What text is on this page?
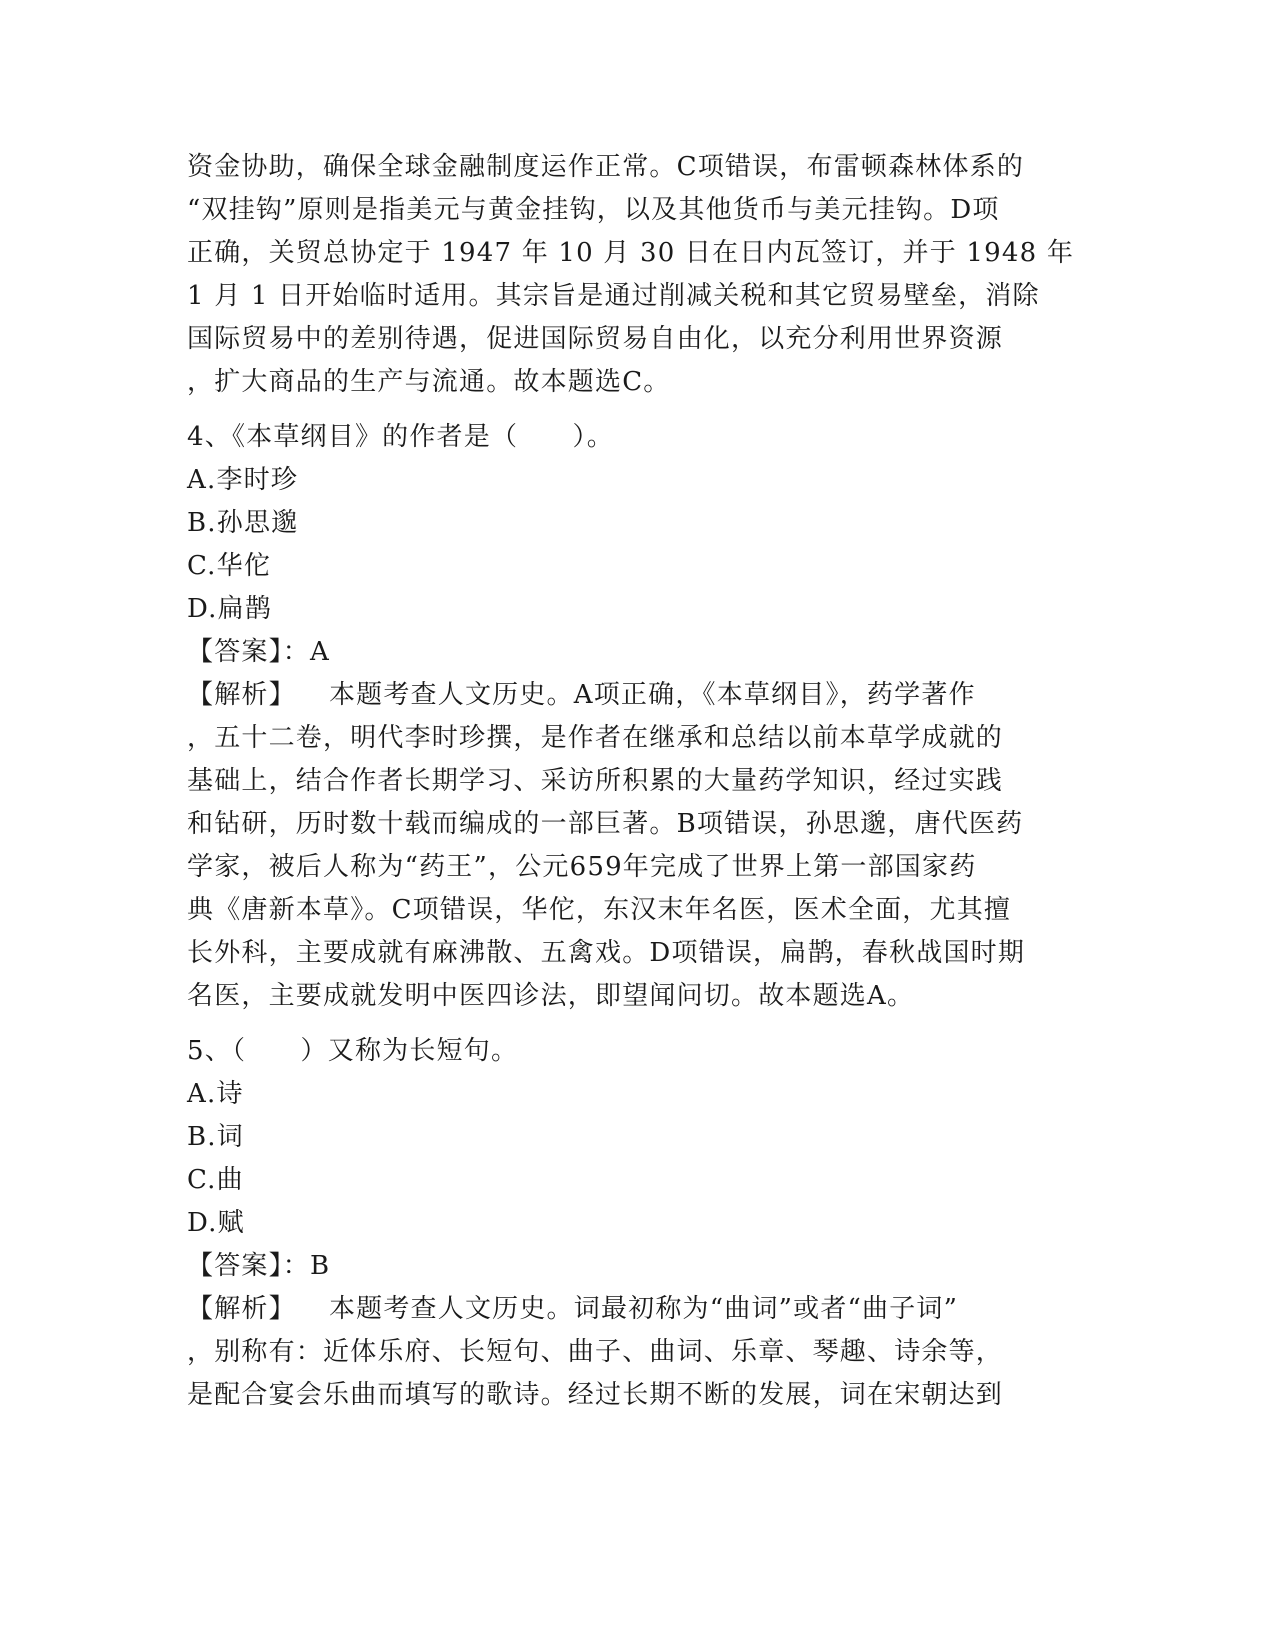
资金协助，确保全球金融制度运作正常。C项错误，布雷顿森林体系的
“双挂钩”原则是指美元与黄金挂钩，以及其他货币与美元挂钩。D项
正确，关贸总协定于 1947 年 10 月 30 日在日内瓦签订，并于 1948 年
1 月 1 日开始临时适用。其宗旨是通过削减关税和其它贸易壁垒，消除
国际贸易中的差别待遇，促进国际贸易自由化，以充分利用世界资源
，扩大商品的生产与流通。故本题选C。
4、《本草纲目》的作者是（　　）。
A.李时珍
B.孙思邈
C.华佗
D.扁鹊
【答案】：A
【解析】　  本题考查人文历史。A项正确，《本草纲目》，药学著作
，五十二卷，明代李时珍撰，是作者在继承和总结以前本草学成就的
基础上，结合作者长期学习、采访所积累的大量药学知识，经过实践
和钻研，历时数十载而编成的一部巨著。B项错误，孙思邈，唐代医药
学家，被后人称为“药王”，公元659年完成了世界上第一部国家药
典《唐新本草》。C项错误，华佗，东汉末年名医，医术全面，尤其擅
长外科，主要成就有麻沸散、五禽戏。D项错误，扁鹊，春秋战国时期
名医，主要成就发明中医四诊法，即望闻问切。故本题选A。
5、（　　）又称为长短句。
A.诗
B.词
C.曲
D.赋
【答案】：B
【解析】　  本题考查人文历史。词最初称为“曲词”或者“曲子词”
，别称有：近体乐府、长短句、曲子、曲词、乐章、琴趣、诗余等，
是配合宴会乐曲而填写的歌诗。经过长期不断的发展，词在宋朝达到
